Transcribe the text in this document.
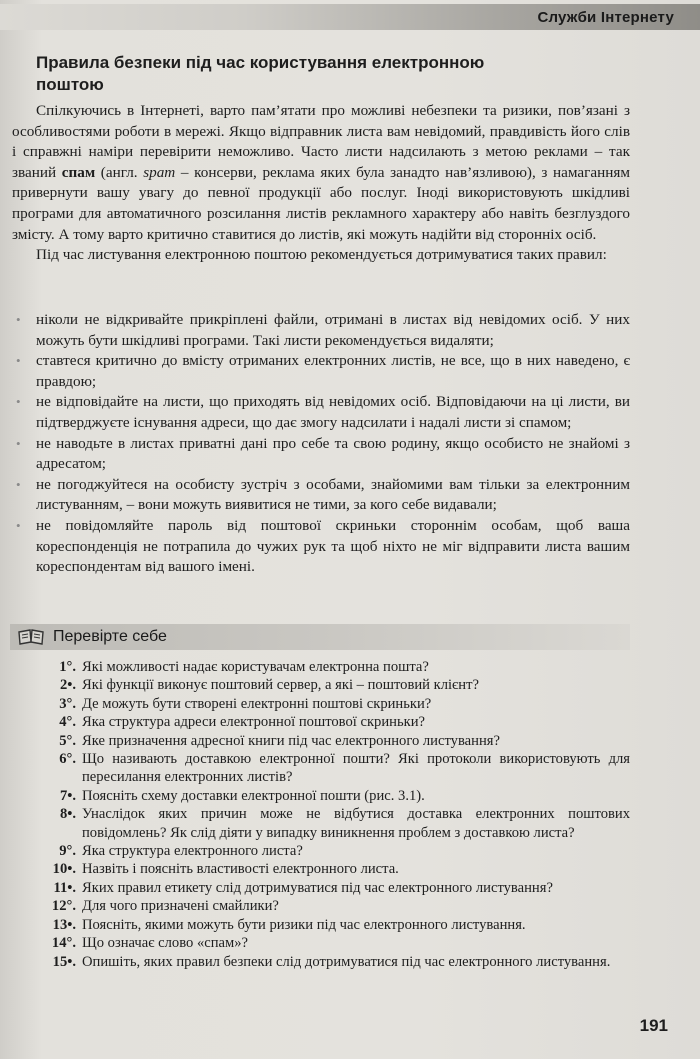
Служби Інтернету
Правила безпеки під час користування електронною поштою

Спілкуючись в Інтернеті, варто пам’ятати про можливі небезпеки та ризики, пов’язані з особливостями роботи в мережі. Якщо відправник листа вам невідомий, правдивість його слів і справжні наміри перевірити неможливо. Часто листи надсилають з метою реклами – так званий спам (англ. spam – консерви, реклама яких була занадто нав’язливою), з намаганням привернути вашу увагу до певної продукції або послуг. Іноді використовують шкідливі програми для автоматичного розсилання листів рекламного характеру або навіть безглуздого змісту. А тому варто критично ставитися до листів, які можуть надійти від сторонніх осіб.

Під час листування електронною поштою рекомендується дотримуватися таких правил:

• ніколи не відкривайте прикріплені файли, отримані в листах від невідомих осіб. У них можуть бути шкідливі програми. Такі листи рекомендується видаляти;
• ставтеся критично до вмісту отриманих електронних листів, не все, що в них наведено, є правдою;
• не відповідайте на листи, що приходять від невідомих осіб. Відповідаючи на ці листи, ви підтверджуєте існування адреси, що дає змогу надсилати і надалі листи зі спамом;
• не наводьте в листах приватні дані про себе та свою родину, якщо особисто не знайомі з адресатом;
• не погоджуйтеся на особисту зустріч з особами, знайомими вам тільки за електронним листуванням, – вони можуть виявитися не тими, за кого себе видавали;
• не повідомляйте пароль від поштової скриньки стороннім особам, щоб ваша кореспонденція не потрапила до чужих рук та щоб ніхто не міг відправити листа вашим кореспондентам від вашого імені.
Перевірте себе
1°. Які можливості надає користувачам електронна пошта?
2•. Які функції виконує поштовий сервер, а які – поштовий клієнт?
3°. Де можуть бути створені електронні поштові скриньки?
4°. Яка структура адреси електронної поштової скриньки?
5°. Яке призначення адресної книги під час електронного листування?
6°. Що називають доставкою електронної пошти? Які протоколи використовують для пересилання електронних листів?
7•. Поясніть схему доставки електронної пошти (рис. 3.1).
8•. Унаслідок яких причин може не відбутися доставка електронних поштових повідомлень? Як слід діяти у випадку виникнення проблем з доставкою листа?
9°. Яка структура електронного листа?
10•. Назвіть і поясніть властивості електронного листа.
11•. Яких правил етикету слід дотримуватися під час електронного листування?
12°. Для чого призначені смайлики?
13•. Поясніть, якими можуть бути ризики під час електронного листування.
14°. Що означає слово «спам»?
15•. Опишіть, яких правил безпеки слід дотримуватися під час електронного листування.
191
